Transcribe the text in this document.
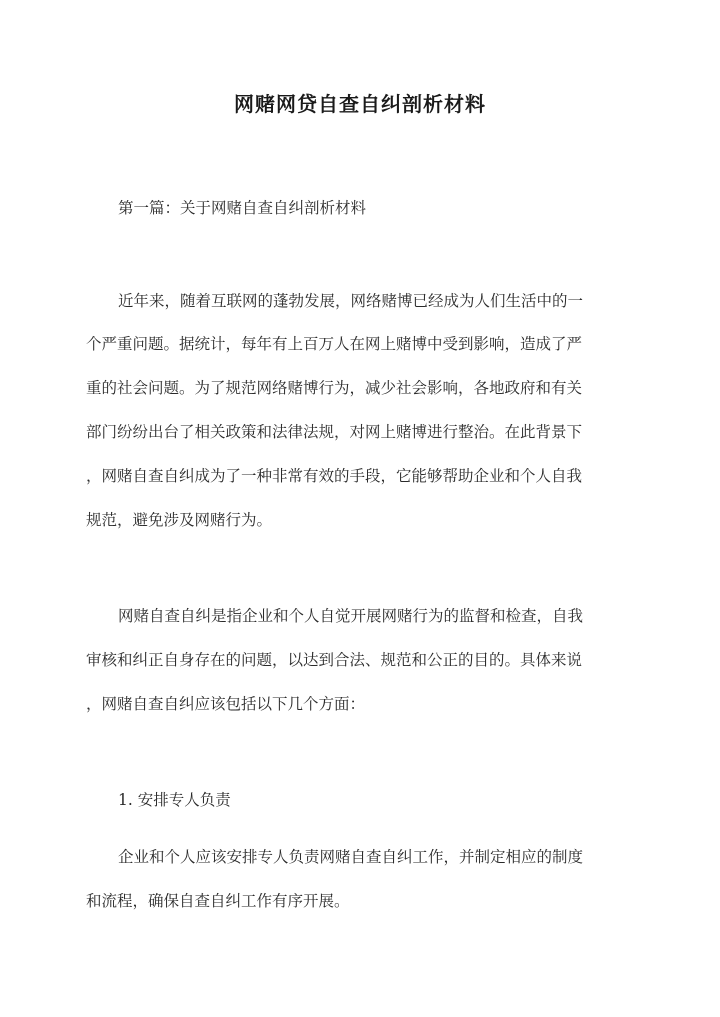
网赌网贷自查自纠剖析材料
第一篇：关于网赌自查自纠剖析材料
近年来，随着互联网的蓬勃发展，网络赌博已经成为人们生活中的一
个严重问题。据统计，每年有上百万人在网上赌博中受到影响，造成了严
重的社会问题。为了规范网络赌博行为，减少社会影响，各地政府和有关
部门纷纷出台了相关政策和法律法规，对网上赌博进行整治。在此背景下
，网赌自查自纠成为了一种非常有效的手段，它能够帮助企业和个人自我
规范，避免涉及网赌行为。
网赌自查自纠是指企业和个人自觉开展网赌行为的监督和检查，自我
审核和纠正自身存在的问题，以达到合法、规范和公正的目的。具体来说
，网赌自查自纠应该包括以下几个方面：
1. 安排专人负责
企业和个人应该安排专人负责网赌自查自纠工作，并制定相应的制度
和流程，确保自查自纠工作有序开展。
